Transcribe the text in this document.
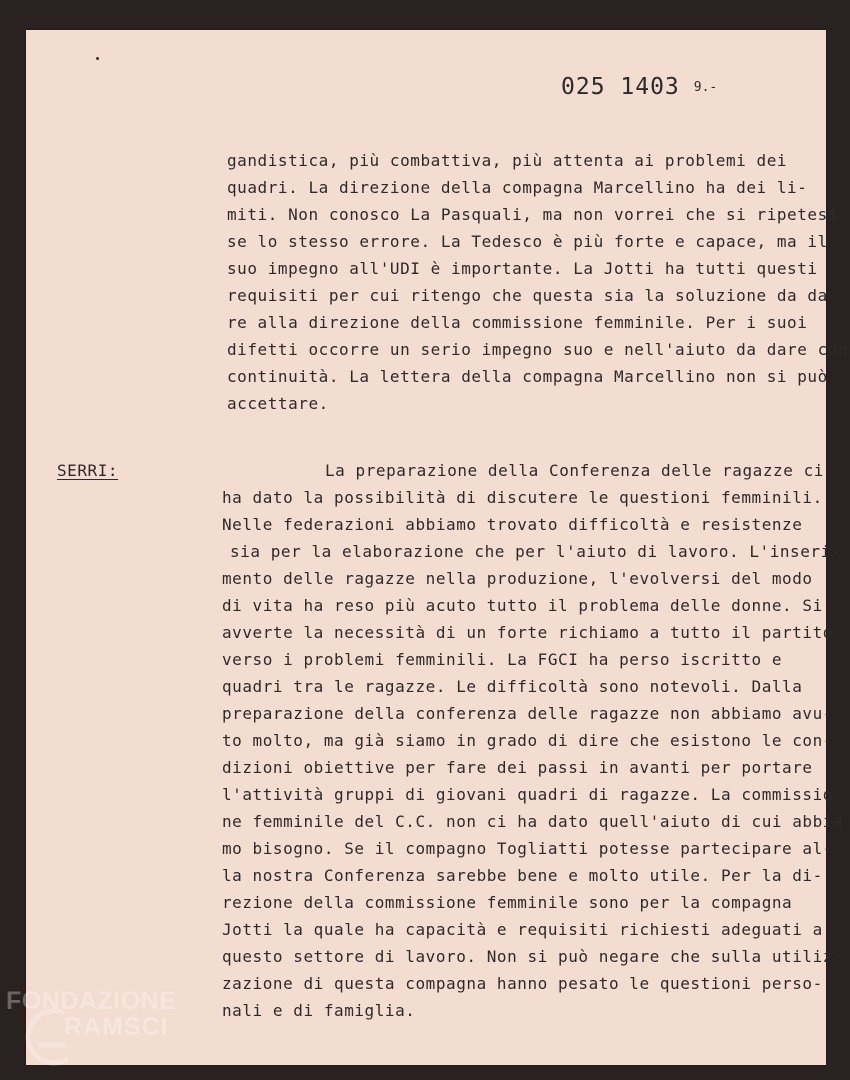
025 1403 9.-
gandistica, più combattiva, più attenta ai problemi dei
quadri. La direzione della compagna Marcellino ha dei li-
miti. Non conosco La Pasquali, ma non vorrei che si ripetes$
se lo stesso errore. La Tedesco è più forte e capace, ma il
suo impegno all'UDI è importante. La Jotti ha tutti questi
requisiti per cui ritengo che questa sia la soluzione da da-
re alla direzione della commissione femminile. Per i suoi
difetti occorre un serio impegno suo e nell'aiuto da dare con
continuità. La lettera della compagna Marcellino non si può
accettare.
SERRI:	La preparazione della Conferenza delle ragazze ci
ha dato la possibilità di discutere le questioni femminili.
Nelle federazioni abbiamo trovato difficoltà e resistenze
sia per la elaborazione che per l'aiuto di lavoro. L'inseri-
mento delle ragazze nella produzione, l'evolversi del modo
di vita ha reso più acuto tutto il problema delle donne. Si
avverte la necessità di un forte richiamo a tutto il partito
verso i problemi femminili. La FGCI ha perso iscritto e
quadri tra le ragazze. Le difficoltà sono notevoli. Dalla
preparazione della conferenza delle ragazze non abbiamo avu-
to molto, ma già siamo in grado di dire che esistono le con-
dizioni obiettive per fare dei passi in avanti per portare
l'attività gruppi di giovani quadri di ragazze. La commissio-
ne femminile del C.C. non ci ha dato quell'aiuto di cui abbia
mo bisogno. Se il compagno Togliatti potesse partecipare al-
la nostra Conferenza sarebbe bene e molto utile. Per la di-
rezione della commissione femminile sono per la compagna
Jotti la quale ha capacità e requisiti richiesti adeguati a
questo settore di lavoro. Non si può negare che sulla utiliz-
zazione di questa compagna hanno pesato le questioni perso-
nali e di famiglia.
FONDAZIONE
RAMSCI
